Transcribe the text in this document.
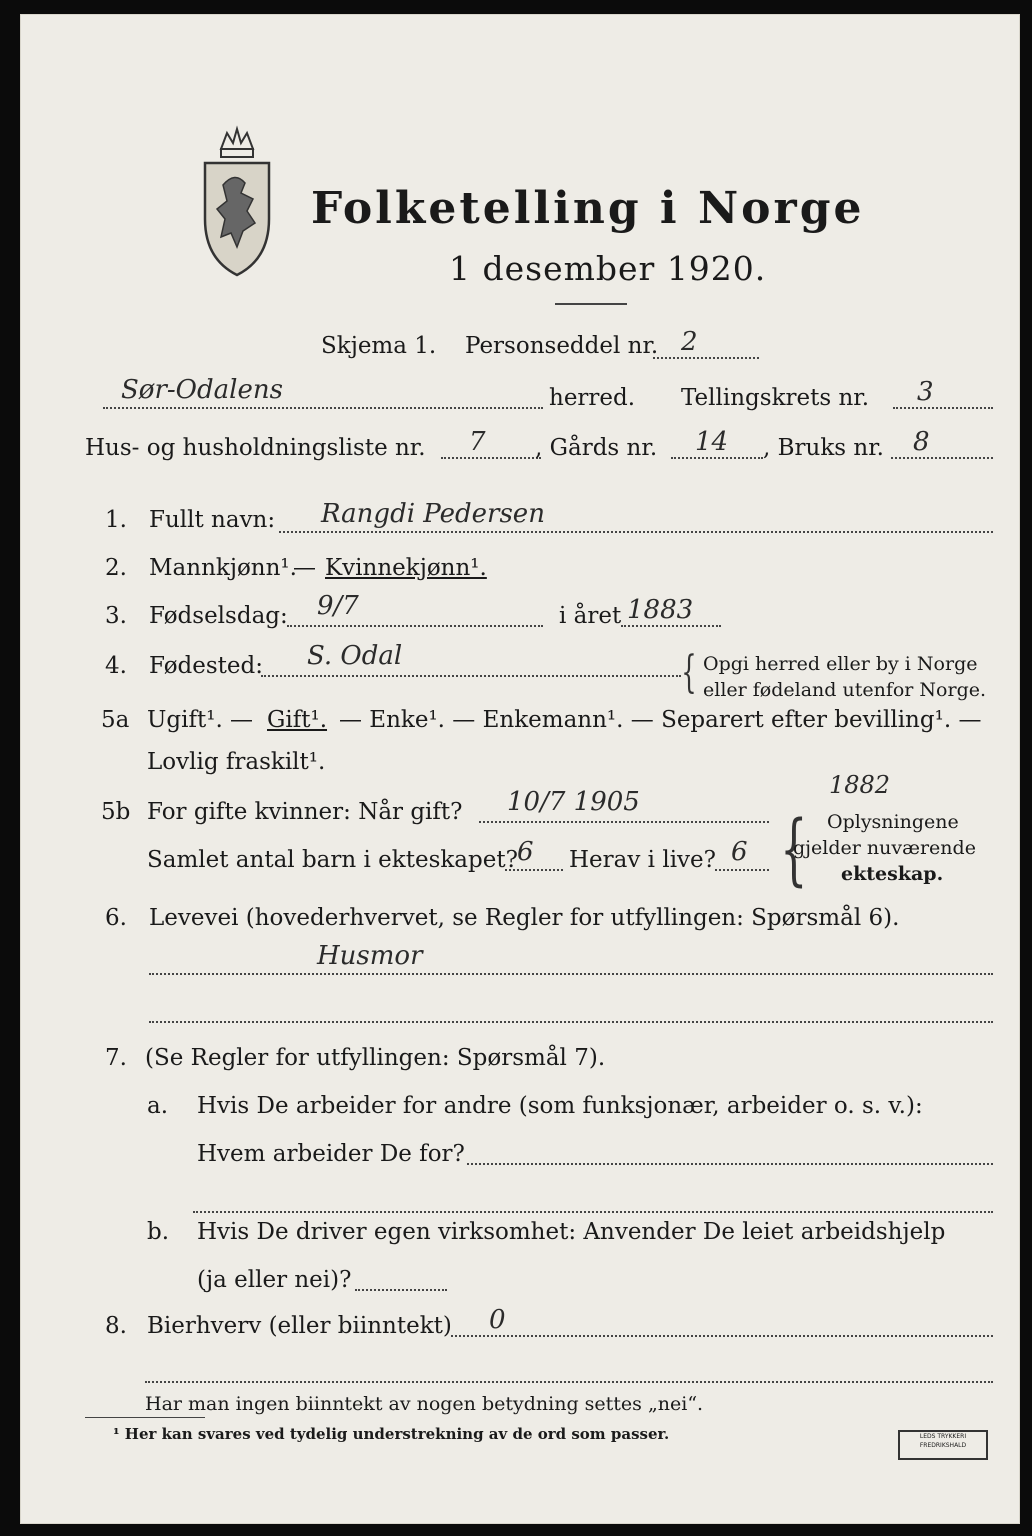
Folketelling i Norge
1 desember 1920.
Skjema 1. Personseddel nr. 2
Sør-Odalens	herred. Tellingskrets nr. 3
Hus- og husholdningsliste nr. 7 , Gårds nr. 14 , Bruks nr. 8
1. Fullt navn: Rangdi Pedersen
2. Mannkjønn¹.
— Kvinnekjønn¹.
3. Fødselsdag: 9/7	i året 1883
4. Fødested: S. Odal	{ Opgi herred eller by i Norge
eller fødeland utenfor Norge.
5a Ugift¹. — Gift¹. — Enke¹. — Enkemann¹. — Separert efter bevilling¹. —
Lovlig fraskilt¹.
1882
5b For gifte kvinner: Når gift? 10/7 1905
Samlet antal barn i ekteskapet? 6 Herav i live? 6 { Oplysningene
gjelder nuværende
ekteskap.
6. Levevei (hovederhvervet, se Regler for utfyllingen: Spørsmål 6).
Husmor
7. (Se Regler for utfyllingen: Spørsmål 7).
a. Hvis De arbeider for andre (som funksjonær, arbeider o. s. v.):
Hvem arbeider De for?
b. Hvis De driver egen virksomhet: Anvender De leiet arbeidshjelp
(ja eller nei)?
8. Bierhverv (eller biinntekt) 0
Har man ingen biinntekt av nogen betydning settes „nei“.
¹ Her kan svares ved tydelig understrekning av de ord som passer.	LEDS TRYKKERI
FREDRIKSHALD
